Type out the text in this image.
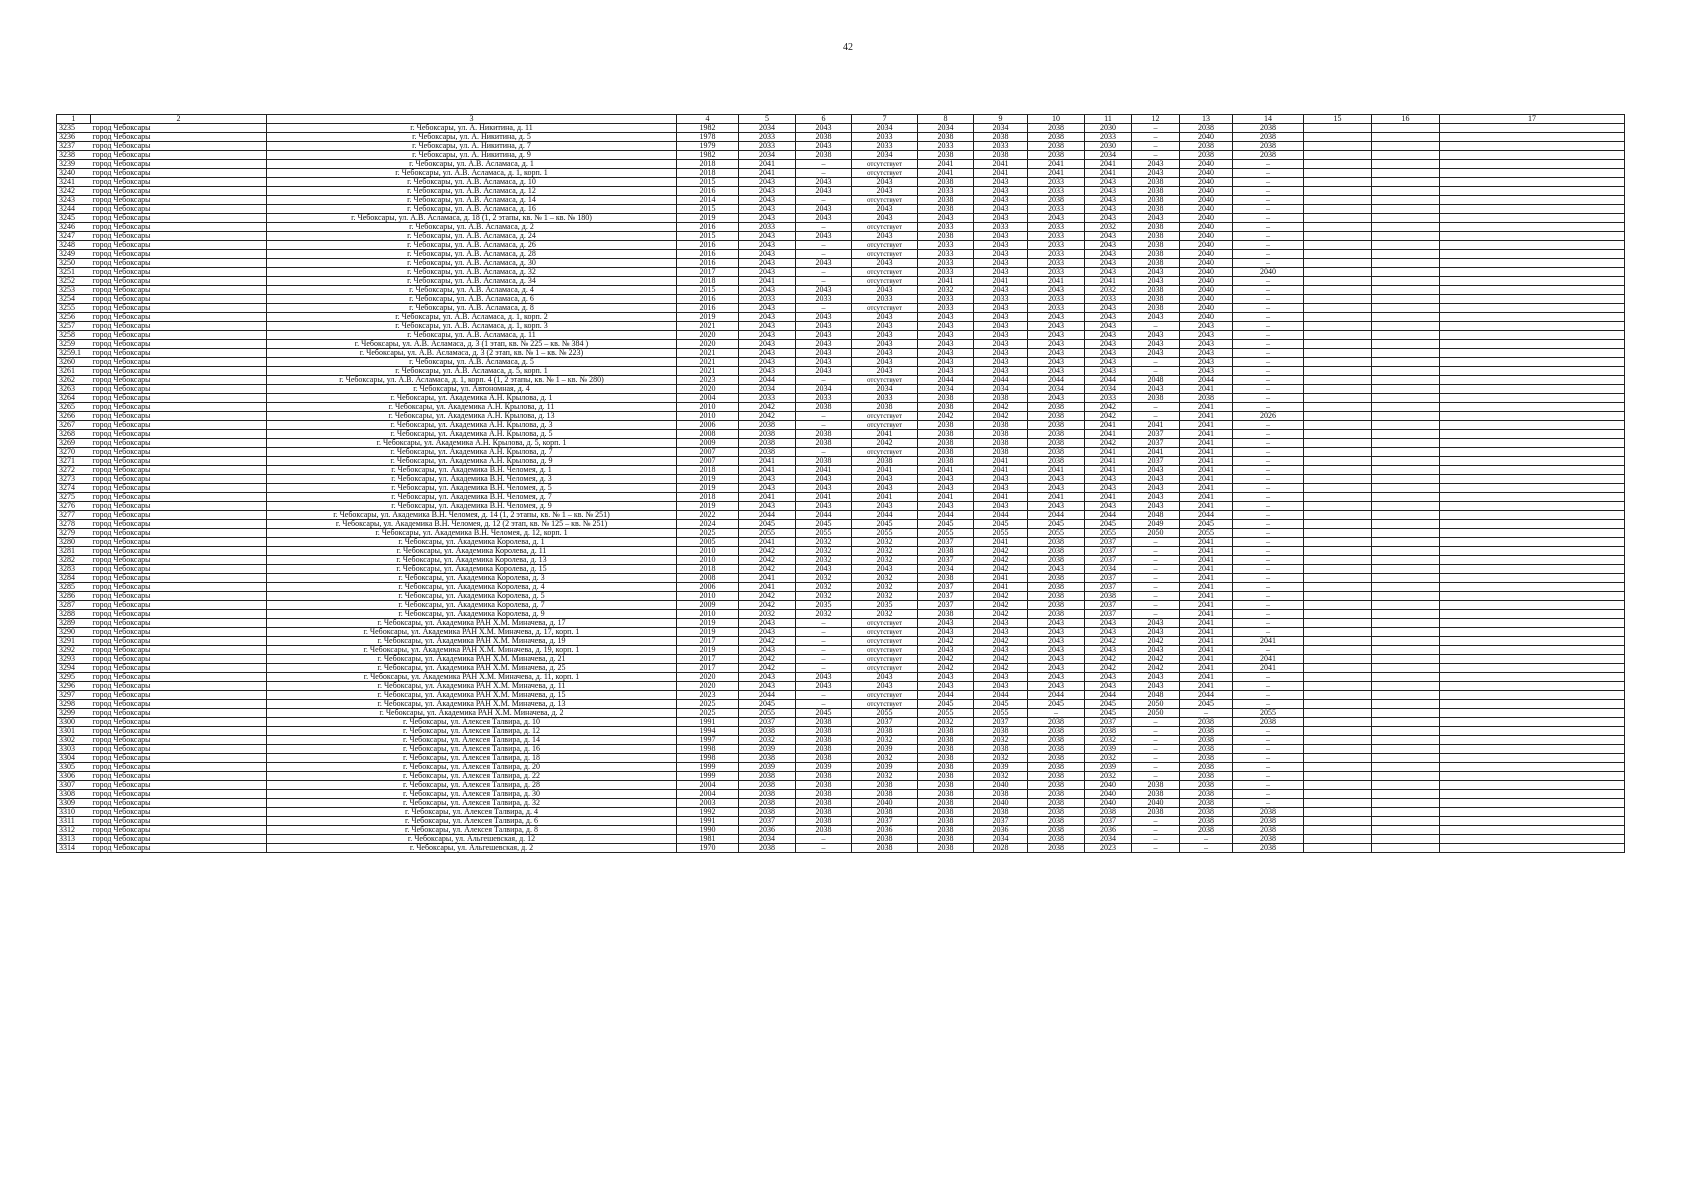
42
1	2	3	4	5	6	7	8	9	10	11	12	13	14	15	16	17
3235	город Чебоксары	г. Чебоксары, ул. А. Никитина, д. 11	1982	2034	2043	2034	2034	2034	2038	2030	–	2038	2038			
3236	город Чебоксары	г. Чебоксары, ул. А. Никитина, д. 5	1978	2033	2038	2033	2038	2038	2038	2033	–	2040	2038			
3237	город Чебоксары	г. Чебоксары, ул. А. Никитина, д. 7	1979	2033	2043	2033	2033	2033	2038	2030	–	2038	2038			
3238	город Чебоксары	г. Чебоксары, ул. А. Никитина, д. 9	1982	2034	2038	2034	2038	2038	2038	2034	–	2038	2038			
3239	город Чебоксары	г. Чебоксары, ул. А.В. Асламаса, д. 1	2018	2041	–	отсутствует	2041	2041	2041	2041	2043	2040	–			
3240	город Чебоксары	г. Чебоксары, ул. А.В. Асламаса, д. 1, корп. 1	2018	2041	–	отсутствует	2041	2041	2041	2041	2043	2040	–			
3241	город Чебоксары	г. Чебоксары, ул. А.В. Асламаса, д. 10	2015	2043	2043	2043	2038	2043	2033	2043	2038	2040	–			
3242	город Чебоксары	г. Чебоксары, ул. А.В. Асламаса, д. 12	2016	2043	2043	2043	2033	2043	2033	2043	2038	2040	–			
3243	город Чебоксары	г. Чебоксары, ул. А.В. Асламаса, д. 14	2014	2043	–	отсутствует	2038	2043	2038	2043	2038	2040	–			
3244	город Чебоксары	г. Чебоксары, ул. А.В. Асламаса, д. 16	2015	2043	2043	2043	2038	2043	2033	2043	2038	2040	–			
3245	город Чебоксары	г. Чебоксары, ул. А.В. Асламаса, д. 18 (1, 2 этапы, кв. № 1 – кв. № 180)	2019	2043	2043	2043	2043	2043	2043	2043	2043	2040	–			
3246	город Чебоксары	г. Чебоксары, ул. А.В. Асламаса, д. 2	2016	2033	–	отсутствует	2033	2033	2033	2032	2038	2040	–			
3247	город Чебоксары	г. Чебоксары, ул. А.В. Асламаса, д. 24	2015	2043	2043	2043	2038	2043	2033	2043	2038	2040	–			
3248	город Чебоксары	г. Чебоксары, ул. А.В. Асламаса, д. 26	2016	2043	–	отсутствует	2033	2043	2033	2043	2038	2040	–			
3249	город Чебоксары	г. Чебоксары, ул. А.В. Асламаса, д. 28	2016	2043	–	отсутствует	2033	2043	2033	2043	2038	2040	–			
3250	город Чебоксары	г. Чебоксары, ул. А.В. Асламаса, д. 30	2016	2043	2043	2043	2033	2043	2033	2043	2038	2040	–			
3251	город Чебоксары	г. Чебоксары, ул. А.В. Асламаса, д. 32	2017	2043	–	отсутствует	2033	2043	2033	2043	2043	2040	2040			
3252	город Чебоксары	г. Чебоксары, ул. А.В. Асламаса, д. 34	2018	2041	–	отсутствует	2041	2041	2041	2041	2043	2040	–			
3253	город Чебоксары	г. Чебоксары, ул. А.В. Асламаса, д. 4	2015	2043	2043	2043	2032	2043	2043	2032	2038	2040	–			
3254	город Чебоксары	г. Чебоксары, ул. А.В. Асламаса, д. 6	2016	2033	2033	2033	2033	2033	2033	2033	2038	2040	–			
3255	город Чебоксары	г. Чебоксары, ул. А.В. Асламаса, д. 8	2016	2043	–	отсутствует	2033	2043	2033	2043	2038	2040	–			
3256	город Чебоксары	г. Чебоксары, ул. А.В. Асламаса, д. 1, корп. 2	2019	2043	2043	2043	2043	2043	2043	2043	2043	2040	–			
3257	город Чебоксары	г. Чебоксары, ул. А.В. Асламаса, д. 1, корп. 3	2021	2043	2043	2043	2043	2043	2043	2043	–	2043	–			
3258	город Чебоксары	г. Чебоксары, ул. А.В. Асламаса, д. 11	2020	2043	2043	2043	2043	2043	2043	2043	2043	2043	–			
3259	город Чебоксары	г. Чебоксары, ул. А.В. Асламаса, д. 3 (1 этап, кв. № 225 – кв. № 384 )	2020	2043	2043	2043	2043	2043	2043	2043	2043	2043	–			
3259.1	город Чебоксары	г. Чебоксары, ул. А.В. Асламаса, д. 3 (2 этап, кв. № 1 – кв. № 223)	2021	2043	2043	2043	2043	2043	2043	2043	2043	2043	–			
3260	город Чебоксары	г. Чебоксары, ул. А.В. Асламаса, д. 5	2021	2043	2043	2043	2043	2043	2043	2043	–	2043	–			
3261	город Чебоксары	г. Чебоксары, ул. А.В. Асламаса, д. 5, корп. 1	2021	2043	2043	2043	2043	2043	2043	2043	–	2043	–			
3262	город Чебоксары	г. Чебоксары, ул. А.В. Асламаса, д. 1, корп. 4 (1, 2 этапы, кв. № 1 – кв. № 280)	2023	2044	–	отсутствует	2044	2044	2044	2044	2048	2044	–			
3263	город Чебоксары	г. Чебоксары, ул. Автономная, д. 4	2020	2034	2034	2034	2034	2034	2034	2034	2043	2041	–			
3264	город Чебоксары	г. Чебоксары, ул. Академика А.Н. Крылова, д. 1	2004	2033	2033	2033	2038	2038	2043	2033	2038	2038	–			
3265	город Чебоксары	г. Чебоксары, ул. Академика А.Н. Крылова, д. 11	2010	2042	2038	2038	2038	2042	2038	2042	–	2041	–			
3266	город Чебоксары	г. Чебоксары, ул. Академика А.Н. Крылова, д. 13	2010	2042	–	отсутствует	2042	2042	2038	2042	–	2041	2026			
3267	город Чебоксары	г. Чебоксары, ул. Академика А.Н. Крылова, д. 3	2006	2038	–	отсутствует	2038	2038	2038	2041	2041	2041	–			
3268	город Чебоксары	г. Чебоксары, ул. Академика А.Н. Крылова, д. 5	2008	2038	2038	2041	2038	2038	2038	2041	2037	2041	–			
3269	город Чебоксары	г. Чебоксары, ул. Академика А.Н. Крылова, д. 5, корп. 1	2009	2038	2038	2042	2038	2038	2038	2042	2037	2041	–			
3270	город Чебоксары	г. Чебоксары, ул. Академика А.Н. Крылова, д. 7	2007	2038	–	отсутствует	2038	2038	2038	2041	2041	2041	–			
3271	город Чебоксары	г. Чебоксары, ул. Академика А.Н. Крылова, д. 9	2007	2041	2038	2038	2038	2041	2038	2041	2037	2041	–			
3272	город Чебоксары	г. Чебоксары, ул. Академика В.Н. Челомея, д. 1	2018	2041	2041	2041	2041	2041	2041	2041	2043	2041	–			
3273	город Чебоксары	г. Чебоксары, ул. Академика В.Н. Челомея, д. 3	2019	2043	2043	2043	2043	2043	2043	2043	2043	2041	–			
3274	город Чебоксары	г. Чебоксары, ул. Академика В.Н. Челомея, д. 5	2019	2043	2043	2043	2043	2043	2043	2043	2043	2041	–			
3275	город Чебоксары	г. Чебоксары, ул. Академика В.Н. Челомея, д. 7	2018	2041	2041	2041	2041	2041	2041	2041	2043	2041	–			
3276	город Чебоксары	г. Чебоксары, ул. Академика В.Н. Челомея, д. 9	2019	2043	2043	2043	2043	2043	2043	2043	2043	2041	–			
3277	город Чебоксары	г. Чебоксары, ул. Академика В.Н. Челомея, д. 14 (1, 2 этапы, кв. № 1 – кв. № 251)	2022	2044	2044	2044	2044	2044	2044	2044	2048	2044	–			
3278	город Чебоксары	г. Чебоксары, ул. Академика В.Н. Челомея, д. 12 (2 этап, кв. № 125 – кв. № 251)	2024	2045	2045	2045	2045	2045	2045	2045	2049	2045	–			
3279	город Чебоксары	г. Чебоксары, ул. Академика В.Н. Челомея, д. 12, корп. 1	2025	2055	2055	2055	2055	2055	2055	2055	2050	2055	–			
3280	город Чебоксары	г. Чебоксары, ул. Академика Королева, д. 1	2005	2041	2032	2032	2037	2041	2038	2037	–	2041	–			
3281	город Чебоксары	г. Чебоксары, ул. Академика Королева, д. 11	2010	2042	2032	2032	2038	2042	2038	2037	–	2041	–			
3282	город Чебоксары	г. Чебоксары, ул. Академика Королева, д. 13	2010	2042	2032	2032	2037	2042	2038	2037	–	2041	–			
3283	город Чебоксары	г. Чебоксары, ул. Академика Королева, д. 15	2018	2042	2043	2043	2034	2042	2043	2034	–	2041	–			
3284	город Чебоксары	г. Чебоксары, ул. Академика Королева, д. 3	2008	2041	2032	2032	2038	2041	2038	2037	–	2041	–			
3285	город Чебоксары	г. Чебоксары, ул. Академика Королева, д. 4	2006	2041	2032	2032	2037	2041	2038	2037	–	2041	–			
3286	город Чебоксары	г. Чебоксары, ул. Академика Королева, д. 5	2010	2042	2032	2032	2037	2042	2038	2038	–	2041	–			
3287	город Чебоксары	г. Чебоксары, ул. Академика Королева, д. 7	2009	2042	2035	2035	2037	2042	2038	2037	–	2041	–			
3288	город Чебоксары	г. Чебоксары, ул. Академика Королева, д. 9	2010	2032	2032	2032	2038	2042	2038	2037	–	2041	–			
3289	город Чебоксары	г. Чебоксары, ул. Академика РАН Х.М. Миначева, д. 17	2019	2043	–	отсутствует	2043	2043	2043	2043	2043	2041	–			
3290	город Чебоксары	г. Чебоксары, ул. Академика РАН Х.М. Миначева, д. 17, корп. 1	2019	2043	–	отсутствует	2043	2043	2043	2043	2043	2041	–			
3291	город Чебоксары	г. Чебоксары, ул. Академика РАН Х.М. Миначева, д. 19	2017	2042	–	отсутствует	2042	2042	2043	2042	2042	2041	2041			
3292	город Чебоксары	г. Чебоксары, ул. Академика РАН Х.М. Миначева, д. 19, корп. 1	2019	2043	–	отсутствует	2043	2043	2043	2043	2043	2041	–			
3293	город Чебоксары	г. Чебоксары, ул. Академика РАН Х.М. Миначева, д. 21	2017	2042	–	отсутствует	2042	2042	2043	2042	2042	2041	2041			
3294	город Чебоксары	г. Чебоксары, ул. Академика РАН Х.М. Миначева, д. 25	2017	2042	–	отсутствует	2042	2042	2043	2042	2042	2041	2041			
3295	город Чебоксары	г. Чебоксары, ул. Академика РАН Х.М. Миначева, д. 11, корп. 1	2020	2043	2043	2043	2043	2043	2043	2043	2043	2041	–			
3296	город Чебоксары	г. Чебоксары, ул. Академика РАН Х.М. Миначева, д. 11	2020	2043	2043	2043	2043	2043	2043	2043	2043	2041	–			
3297	город Чебоксары	г. Чебоксары, ул. Академика РАН Х.М. Миначева, д. 15	2023	2044	–	отсутствует	2044	2044	2044	2044	2048	2044	–			
3298	город Чебоксары	г. Чебоксары, ул. Академика РАН Х.М. Миначева, д. 13	2025	2045	–	отсутствует	2045	2045	2045	2045	2050	2045	–			
3299	город Чебоксары	г. Чебоксары, ул. Академика РАН Х.М. Миначева, д. 2	2025	2055	2045	2055	2055	2055	–	2045	2050	–	2055			
3300	город Чебоксары	г. Чебоксары, ул. Алексея Талвира, д. 10	1991	2037	2038	2037	2032	2037	2038	2037	–	2038	2038			
3301	город Чебоксары	г. Чебоксары, ул. Алексея Талвира, д. 12	1994	2038	2038	2038	2038	2038	2038	2038	–	2038	–			
3302	город Чебоксары	г. Чебоксары, ул. Алексея Талвира, д. 14	1997	2032	2038	2032	2038	2032	2038	2032	–	2038	–			
3303	город Чебоксары	г. Чебоксары, ул. Алексея Талвира, д. 16	1998	2039	2038	2039	2038	2038	2038	2039	–	2038	–			
3304	город Чебоксары	г. Чебоксары, ул. Алексея Талвира, д. 18	1998	2038	2038	2032	2038	2032	2038	2032	–	2038	–			
3305	город Чебоксары	г. Чебоксары, ул. Алексея Талвира, д. 20	1999	2039	2039	2039	2038	2039	2038	2039	–	2038	–			
3306	город Чебоксары	г. Чебоксары, ул. Алексея Талвира, д. 22	1999	2038	2038	2032	2038	2032	2038	2032	–	2038	–			
3307	город Чебоксары	г. Чебоксары, ул. Алексея Талвира, д. 28	2004	2038	2038	2038	2038	2040	2038	2040	2038	2038	–			
3308	город Чебоксары	г. Чебоксары, ул. Алексея Талвира, д. 30	2004	2038	2038	2038	2038	2038	2038	2040	2038	2038	–			
3309	город Чебоксары	г. Чебоксары, ул. Алексея Талвира, д. 32	2003	2038	2038	2040	2038	2040	2038	2040	2040	2038	–			
3310	город Чебоксары	г. Чебоксары, ул. Алексея Талвира, д. 4	1992	2038	2038	2038	2038	2038	2038	2038	2038	2038	2038			
3311	город Чебоксары	г. Чебоксары, ул. Алексея Талвира, д. 6	1991	2037	2038	2037	2038	2037	2038	2037	–	2038	2038			
3312	город Чебоксары	г. Чебоксары, ул. Алексея Талвира, д. 8	1990	2036	2038	2036	2038	2036	2038	2036	–	2038	2038			
3313	город Чебоксары	г. Чебоксары, ул. Альгешевская, д. 12	1981	2034	–	2038	2038	2034	2038	2034	–	–	2038			
3314	город Чебоксары	г. Чебоксары, ул. Альгешевская, д. 2	1970	2038	–	2038	2038	2028	2038	2023	–	–	2038			
